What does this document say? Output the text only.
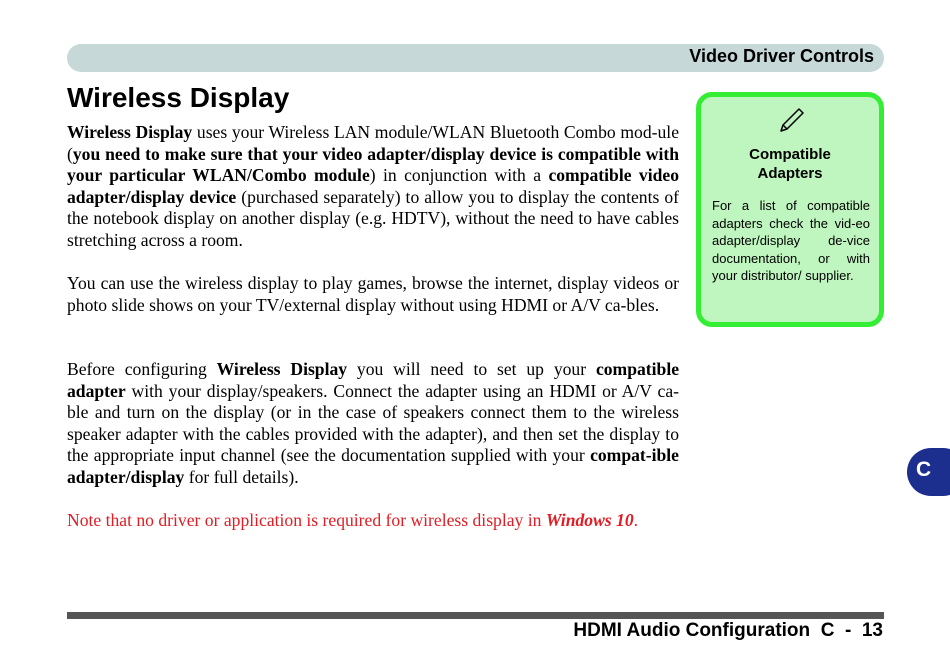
Video Driver Controls
Wireless Display

Wireless Display uses your Wireless LAN module/WLAN Bluetooth Combo mod-ule (you need to make sure that your video adapter/display device is compatible with your particular WLAN/Combo module) in conjunction with a compatible video adapter/display device (purchased separately) to allow you to display the contents of the notebook display on another display (e.g. HDTV), without the need to have cables stretching across a room.

You can use the wireless display to play games, browse the internet, display videos or photo slide shows on your TV/external display without using HDMI or A/V ca-bles.

Before configuring Wireless Display you will need to set up your compatible adapter with your display/speakers. Connect the adapter using an HDMI or A/V ca-ble and turn on the display (or in the case of speakers connect them to the wireless speaker adapter with the cables provided with the adapter), and then set the display to the appropriate input channel (see the documentation supplied with your compat-ible adapter/display for full details).

Note that no driver or application is required for wireless display in Windows 10.

Compatible
Adapters

For a list of compatible adapters check the vid-eo adapter/display de-vice documentation, or with your distributor/ supplier.

C
HDMI Audio Configuration  C  -  13
